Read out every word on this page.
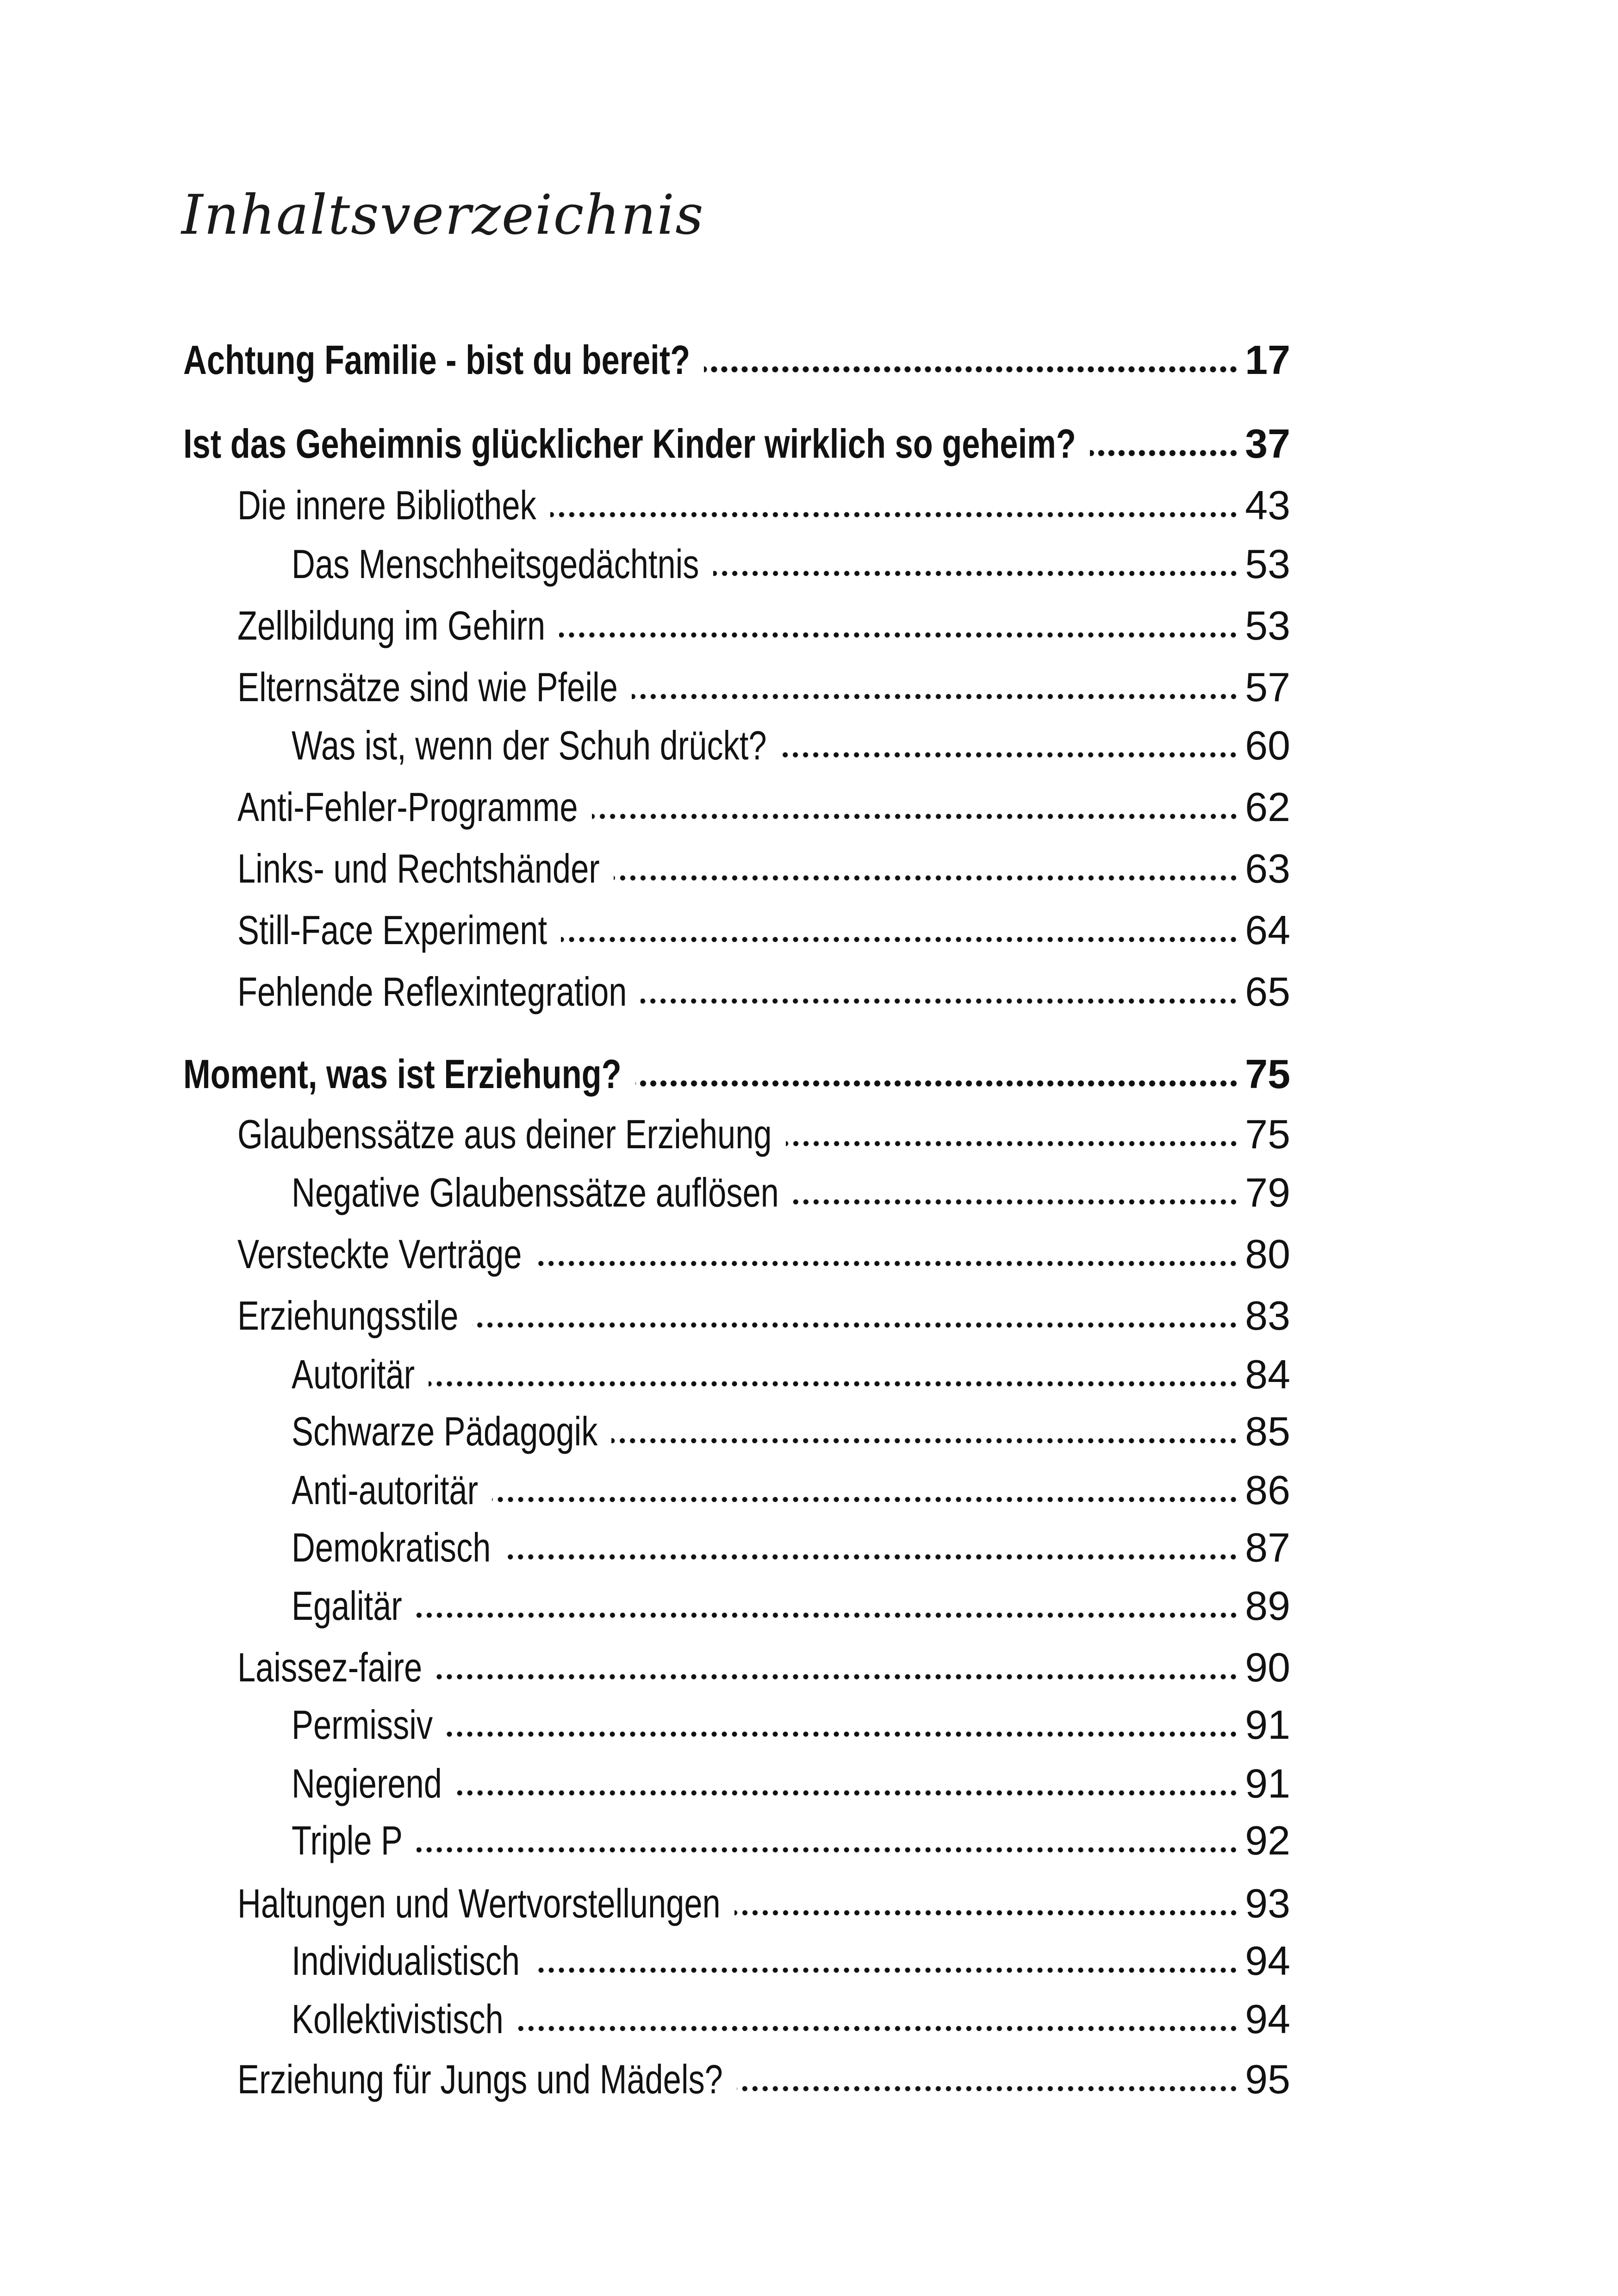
Inhaltsverzeichnis
Achtung Familie - bist du bereit?	17
Ist das Geheimnis glücklicher Kinder wirklich so geheim?	37
Die innere Bibliothek	43
Das Menschheitsgedächtnis	53
Zellbildung im Gehirn	53
Elternsätze sind wie Pfeile	57
Was ist, wenn der Schuh drückt?	60
Anti-Fehler-Programme	62
Links- und Rechtshänder	63
Still-Face Experiment	64
Fehlende Reflexintegration	65
Moment, was ist Erziehung?	75
Glaubenssätze aus deiner Erziehung	75
Negative Glaubenssätze auflösen	79
Versteckte Verträge	80
Erziehungsstile	83
Autoritär	84
Schwarze Pädagogik	85
Anti-autoritär	86
Demokratisch	87
Egalitär	89
Laissez-faire	90
Permissiv	91
Negierend	91
Triple P	92
Haltungen und Wertvorstellungen	93
Individualistisch	94
Kollektivistisch	94
Erziehung für Jungs und Mädels?	95
